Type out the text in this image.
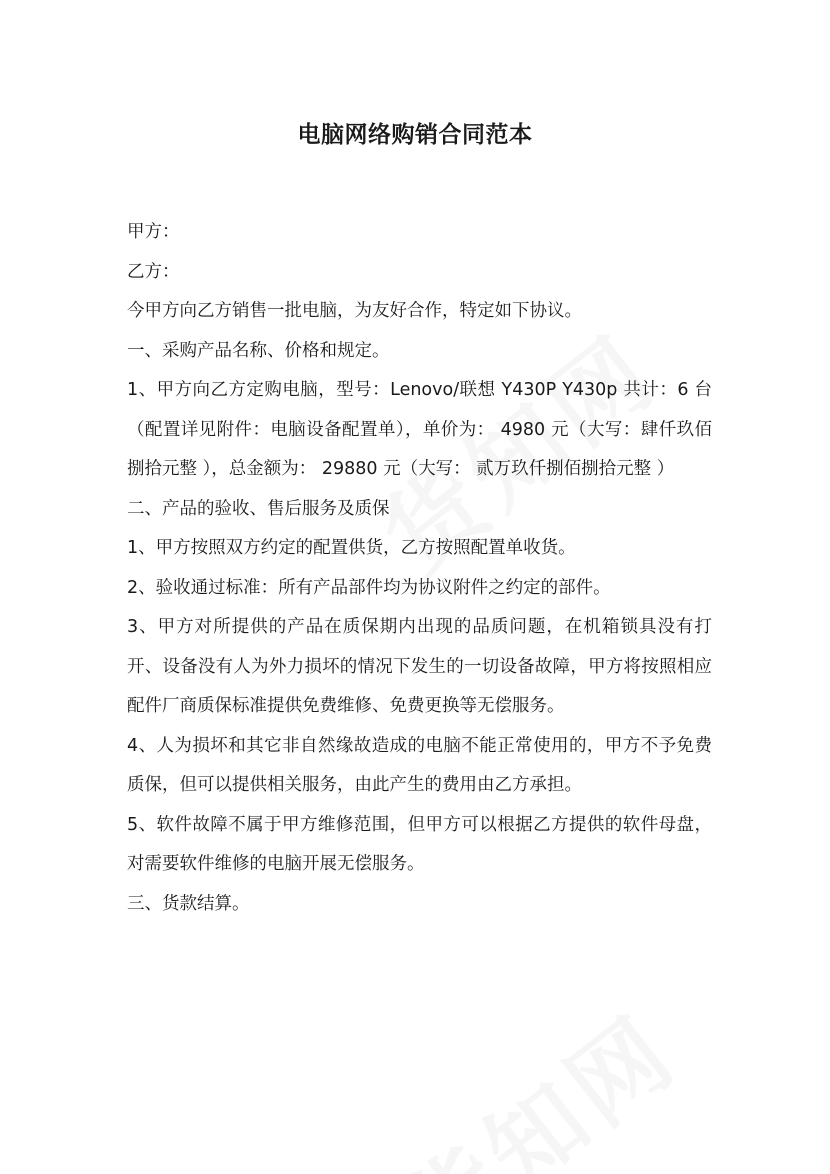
电脑网络购销合同范本

甲方：

乙方：

今甲方向乙方销售一批电脑，为友好合作，特定如下协议。

一、采购产品名称、价格和规定。

1、甲方向乙方定购电脑，型号：Lenovo/联想 Y430P Y430p 共计：6 台（配置详见附件：电脑设备配置单），单价为： 4980 元（大写：肆仟玖佰捌拾元整 ），总金额为： 29880 元（大写： 贰万玖仟捌佰捌拾元整 ）

二、产品的验收、售后服务及质保

1、甲方按照双方约定的配置供货，乙方按照配置单收货。

2、验收通过标准：所有产品部件均为协议附件之约定的部件。

3、甲方对所提供的产品在质保期内出现的品质问题，在机箱锁具没有打开、设备没有人为外力损坏的情况下发生的一切设备故障，甲方将按照相应配件厂商质保标准提供免费维修、免费更换等无偿服务。

4、人为损坏和其它非自然缘故造成的电脑不能正常使用的，甲方不予免费质保，但可以提供相关服务，由此产生的费用由乙方承担。

5、软件故障不属于甲方维修范围，但甲方可以根据乙方提供的软件母盘，对需要软件维修的电脑开展无偿服务。

三、货款结算。
